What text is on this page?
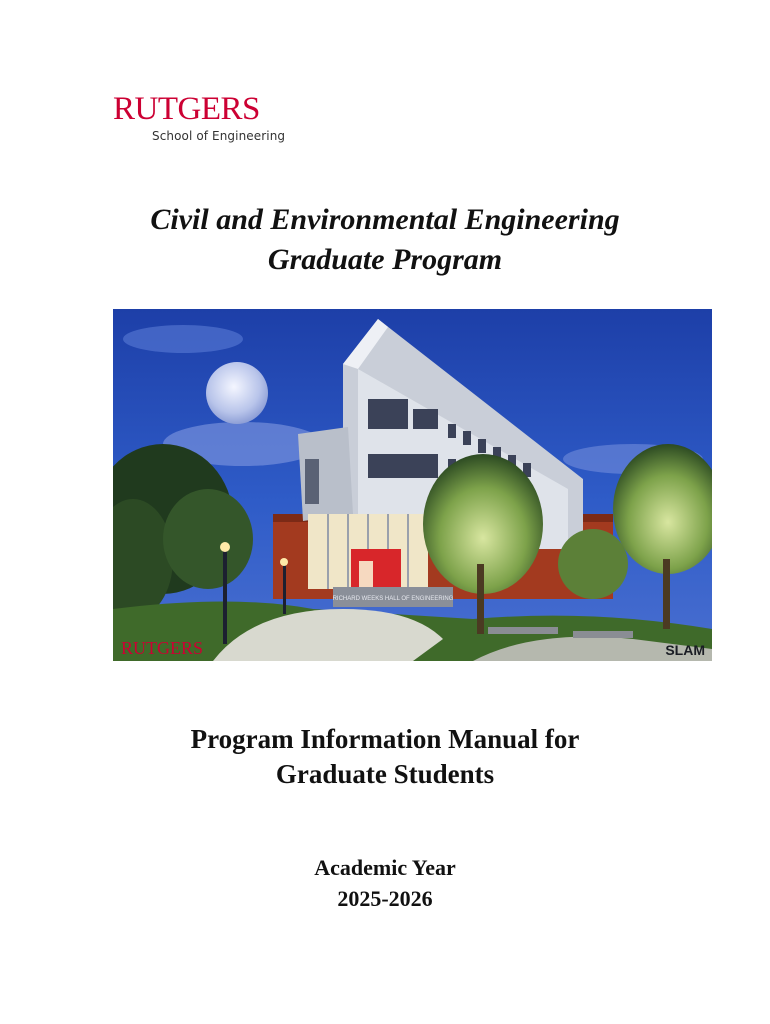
RUTGERS
School of Engineering
Civil and Environmental Engineering
Graduate Program
RICHARD WEEKS HALL OF ENGINEERING
RUTGERS	SLAM
Program Information Manual for
Graduate Students
Academic Year
2025-2026
